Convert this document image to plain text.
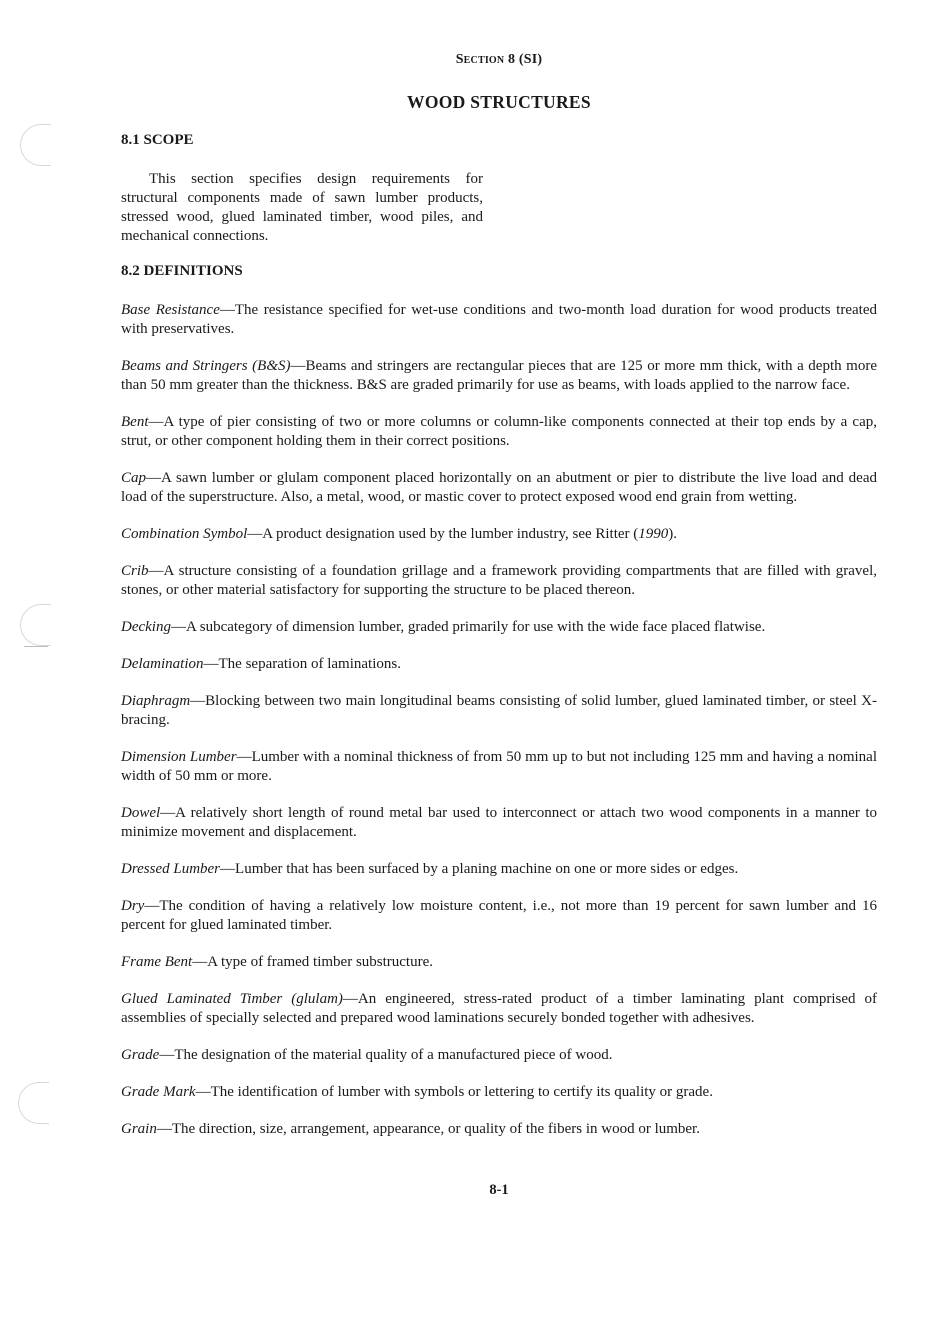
Section 8 (SI)
WOOD STRUCTURES
8.1 SCOPE
This section specifies design requirements for structural components made of sawn lumber products, stressed wood, glued laminated timber, wood piles, and mechanical connections.
8.2 DEFINITIONS

Base Resistance—The resistance specified for wet-use conditions and two-month load duration for wood products treated with preservatives.

Beams and Stringers (B&S)—Beams and stringers are rectangular pieces that are 125 or more mm thick, with a depth more than 50 mm greater than the thickness. B&S are graded primarily for use as beams, with loads applied to the narrow face.

Bent—A type of pier consisting of two or more columns or column-like components connected at their top ends by a cap, strut, or other component holding them in their correct positions.

Cap—A sawn lumber or glulam component placed horizontally on an abutment or pier to distribute the live load and dead load of the superstructure. Also, a metal, wood, or mastic cover to protect exposed wood end grain from wetting.

Combination Symbol—A product designation used by the lumber industry, see Ritter (1990).

Crib—A structure consisting of a foundation grillage and a framework providing compartments that are filled with gravel, stones, or other material satisfactory for supporting the structure to be placed thereon.

Decking—A subcategory of dimension lumber, graded primarily for use with the wide face placed flatwise.

Delamination—The separation of laminations.

Diaphragm—Blocking between two main longitudinal beams consisting of solid lumber, glued laminated timber, or steel X-bracing.

Dimension Lumber—Lumber with a nominal thickness of from 50 mm up to but not including 125 mm and having a nominal width of 50 mm or more.

Dowel—A relatively short length of round metal bar used to interconnect or attach two wood components in a manner to minimize movement and displacement.

Dressed Lumber—Lumber that has been surfaced by a planing machine on one or more sides or edges.

Dry—The condition of having a relatively low moisture content, i.e., not more than 19 percent for sawn lumber and 16 percent for glued laminated timber.

Frame Bent—A type of framed timber substructure.

Glued Laminated Timber (glulam)—An engineered, stress-rated product of a timber laminating plant comprised of assemblies of specially selected and prepared wood laminations securely bonded together with adhesives.

Grade—The designation of the material quality of a manufactured piece of wood.

Grade Mark—The identification of lumber with symbols or lettering to certify its quality or grade.

Grain—The direction, size, arrangement, appearance, or quality of the fibers in wood or lumber.

8-1
